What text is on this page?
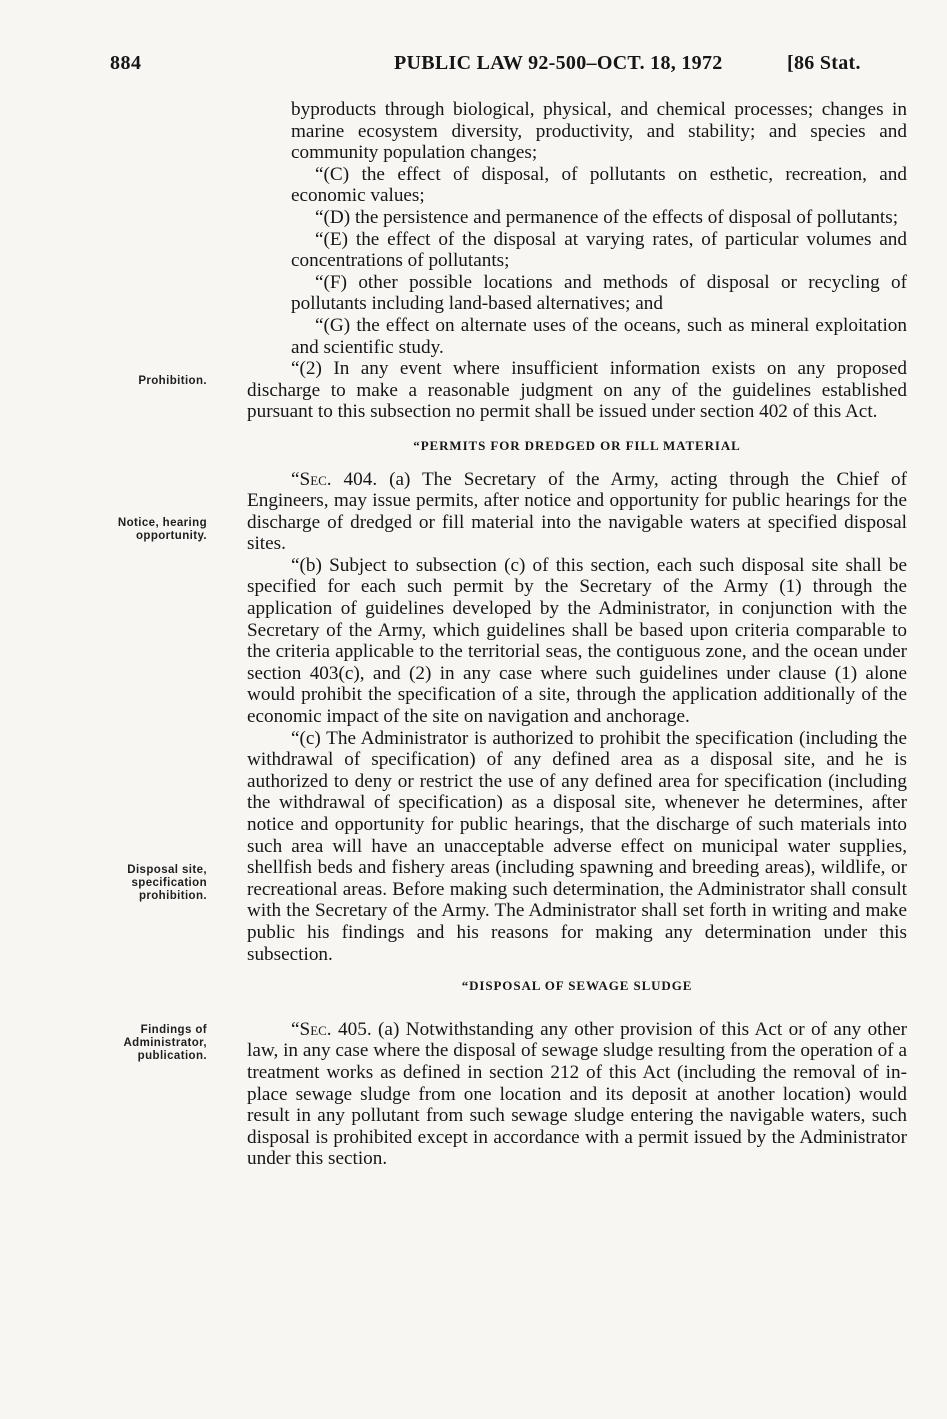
884	PUBLIC LAW 92-500–OCT. 18, 1972	[86 Stat.
Prohibition.
Notice, hearing opportunity.
Disposal site, specification prohibition.
Findings of Administrator, publication.

byproducts through biological, physical, and chemical processes; changes in marine ecosystem diversity, productivity, and stability; and species and community population changes;

“(C) the effect of disposal, of pollutants on esthetic, recreation, and economic values;

“(D) the persistence and permanence of the effects of disposal of pollutants;

“(E) the effect of the disposal at varying rates, of particular volumes and concentrations of pollutants;

“(F) other possible locations and methods of disposal or recycling of pollutants including land-based alternatives; and

“(G) the effect on alternate uses of the oceans, such as mineral exploitation and scientific study.

“(2) In any event where insufficient information exists on any proposed discharge to make a reasonable judgment on any of the guidelines established pursuant to this subsection no permit shall be issued under section 402 of this Act.

“PERMITS FOR DREDGED OR FILL MATERIAL

“Sec. 404. (a) The Secretary of the Army, acting through the Chief of Engineers, may issue permits, after notice and opportunity for public hearings for the discharge of dredged or fill material into the navigable waters at specified disposal sites.

“(b) Subject to subsection (c) of this section, each such disposal site shall be specified for each such permit by the Secretary of the Army (1) through the application of guidelines developed by the Administrator, in conjunction with the Secretary of the Army, which guidelines shall be based upon criteria comparable to the criteria applicable to the territorial seas, the contiguous zone, and the ocean under section 403(c), and (2) in any case where such guidelines under clause (1) alone would prohibit the specification of a site, through the application additionally of the economic impact of the site on navigation and anchorage.

“(c) The Administrator is authorized to prohibit the specification (including the withdrawal of specification) of any defined area as a disposal site, and he is authorized to deny or restrict the use of any defined area for specification (including the withdrawal of specification) as a disposal site, whenever he determines, after notice and opportunity for public hearings, that the discharge of such materials into such area will have an unacceptable adverse effect on municipal water supplies, shellfish beds and fishery areas (including spawning and breeding areas), wildlife, or recreational areas. Before making such determination, the Administrator shall consult with the Secretary of the Army. The Administrator shall set forth in writing and make public his findings and his reasons for making any determination under this subsection.

“DISPOSAL OF SEWAGE SLUDGE

“Sec. 405. (a) Notwithstanding any other provision of this Act or of any other law, in any case where the disposal of sewage sludge resulting from the operation of a treatment works as defined in section 212 of this Act (including the removal of in-place sewage sludge from one location and its deposit at another location) would result in any pollutant from such sewage sludge entering the navigable waters, such disposal is prohibited except in accordance with a permit issued by the Administrator under this section.
